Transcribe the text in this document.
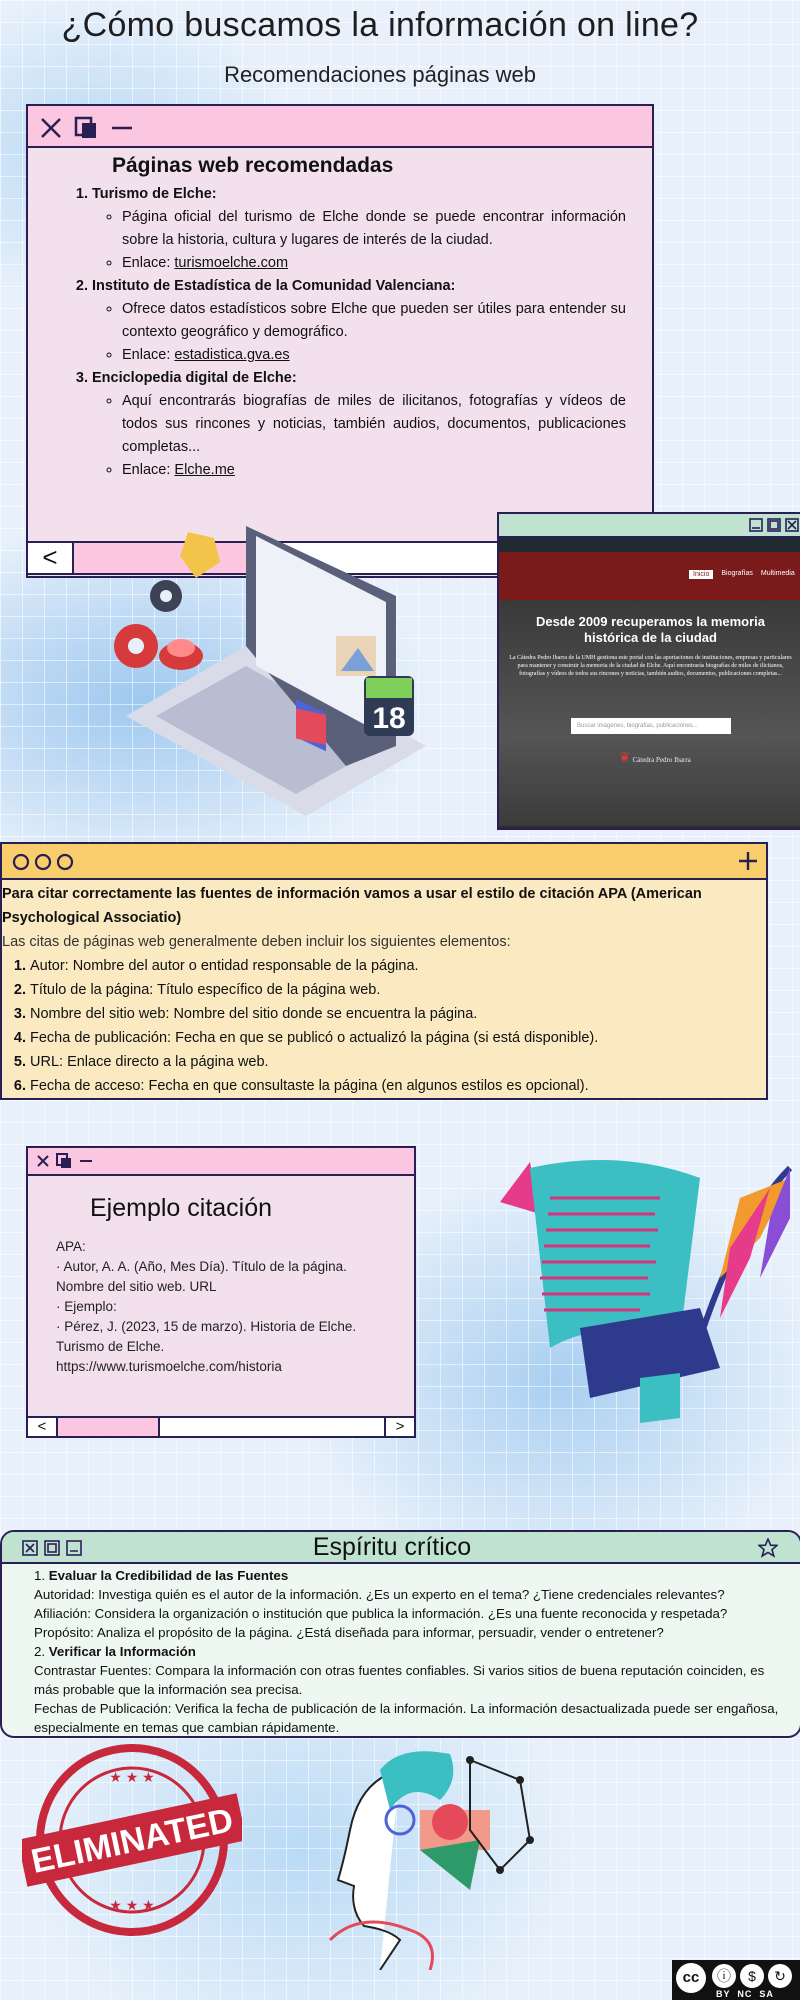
¿Cómo buscamos la información on line?
Recomendaciones páginas web
Páginas web recomendadas
1. Turismo de Elche:
◦ Página oficial del turismo de Elche donde se puede encontrar información sobre la historia, cultura y lugares de interés de la ciudad.
◦ Enlace: turismoelche.com
2. Instituto de Estadística de la Comunidad Valenciana:
◦ Ofrece datos estadísticos sobre Elche que pueden ser útiles para entender su contexto geográfico y demográfico.
◦ Enlace: estadistica.gva.es
3. Enciclopedia digital de Elche:
◦ Aquí encontrarás biografías de miles de ilicitanos, fotografías y vídeos de todos sus rincones y noticias, también audios, documentos, publicaciones completas...
◦ Enlace: Elche.me
<
18
Inicio	Biografías Multimedia
Desde 2009 recuperamos la memoria histórica de la ciudad
La Cátedra Pedro Ibarra de la UMH gestiona este portal con las aportaciones de instituciones, empresas y particulares para mantener y construir la memoria de la ciudad de Elche. Aquí encontrarás biografías de miles de ilicitanos, fotografías y vídeos de todos sus rincones y noticias, también audios, documentos, publicaciones completas...
Buscar imágenes, biografías, publicaciones...
❦ Cátedra Pedro Ibarra
Para citar correctamente las fuentes de información vamos a usar el estilo de citación APA (American Psychological Associatio)
Las citas de páginas web generalmente deben incluir los siguientes elementos:
1. Autor: Nombre del autor o entidad responsable de la página.
2. Título de la página: Título específico de la página web.
3. Nombre del sitio web: Nombre del sitio donde se encuentra la página.
4. Fecha de publicación: Fecha en que se publicó o actualizó la página (si está disponible).
5. URL: Enlace directo a la página web.
6. Fecha de acceso: Fecha en que consultaste la página (en algunos estilos es opcional).
Ejemplo citación
APA:
· Autor, A. A. (Año, Mes Día). Título de la página.
Nombre del sitio web. URL
· Ejemplo:
· Pérez, J. (2023, 15 de marzo). Historia de Elche.
Turismo de Elche.
https://www.turismoelche.com/historia
<	>
Espíritu crítico
1. Evaluar la Credibilidad de las Fuentes
Autoridad: Investiga quién es el autor de la información. ¿Es un experto en el tema? ¿Tiene credenciales relevantes?
Afiliación: Considera la organización o institución que publica la información. ¿Es una fuente reconocida y respetada?
Propósito: Analiza el propósito de la página. ¿Está diseñada para informar, persuadir, vender o entretener?
2. Verificar la Información
Contrastar Fuentes: Compara la información con otras fuentes confiables. Si varios sitios de buena reputación coinciden, es más probable que la información sea precisa.
Fechas de Publicación: Verifica la fecha de publicación de la información. La información desactualizada puede ser engañosa, especialmente en temas que cambian rápidamente.
★ ★ ★
★ ★ ★
ELIMINATED
cc	ⓘ	$	↻
BY  NC  SA
